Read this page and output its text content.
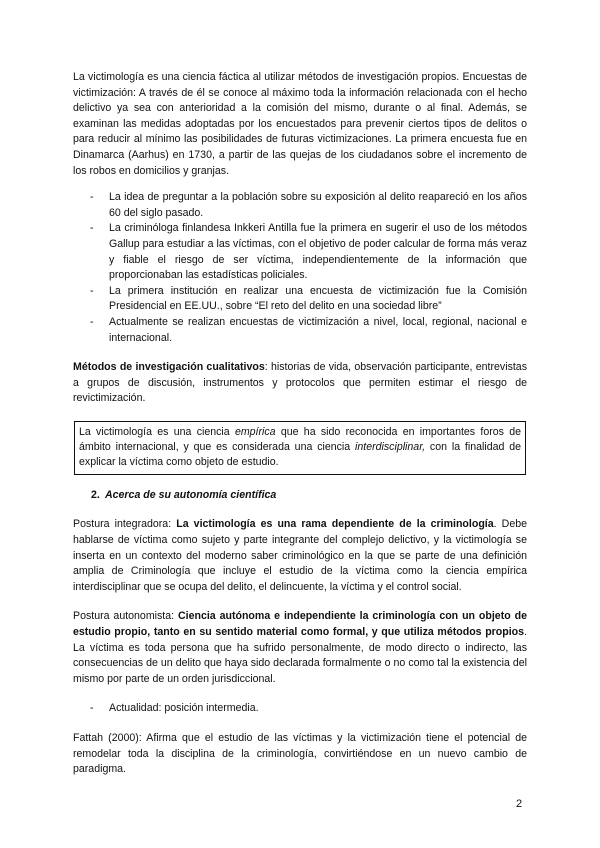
La victimología es una ciencia fáctica al utilizar métodos de investigación propios. Encuestas de victimización: A través de él se conoce al máximo toda la información relacionada con el hecho delictivo ya sea con anterioridad a la comisión del mismo, durante o al final. Además, se examinan las medidas adoptadas por los encuestados para prevenir ciertos tipos de delitos o para reducir al mínimo las posibilidades de futuras victimizaciones. La primera encuesta fue en Dinamarca (Aarhus) en 1730, a partir de las quejas de los ciudadanos sobre el incremento de los robos en domicilios y granjas.

- La idea de preguntar a la población sobre su exposición al delito reapareció en los años 60 del siglo pasado.
- La criminóloga finlandesa Inkkeri Antilla fue la primera en sugerir el uso de los métodos Gallup para estudiar a las víctimas, con el objetivo de poder calcular de forma más veraz y fiable el riesgo de ser víctima, independientemente de la información que proporcionaban las estadísticas policiales.
- La primera institución en realizar una encuesta de victimización fue la Comisión Presidencial en EE.UU., sobre “El reto del delito en una sociedad libre”
- Actualmente se realizan encuestas de victimización a nivel, local, regional, nacional e internacional.

Métodos de investigación cualitativos: historias de vida, observación participante, entrevistas a grupos de discusión, instrumentos y protocolos que permiten estimar el riesgo de revictimización.

La victimología es una ciencia empírica que ha sido reconocida en importantes foros de ámbito internacional, y que es considerada una ciencia interdisciplinar, con la finalidad de explicar la víctima como objeto de estudio.

2. Acerca de su autonomía científica

Postura integradora: La victimología es una rama dependiente de la criminología. Debe hablarse de víctima como sujeto y parte integrante del complejo delictivo, y la victimología se inserta en un contexto del moderno saber criminológico en la que se parte de una definición amplia de Criminología que incluye el estudio de la víctima como la ciencia empírica interdisciplinar que se ocupa del delito, el delincuente, la víctima y el control social.

Postura autonomista: Ciencia autónoma e independiente la criminología con un objeto de estudio propio, tanto en su sentido material como formal, y que utiliza métodos propios. La víctima es toda persona que ha sufrido personalmente, de modo directo o indirecto, las consecuencias de un delito que haya sido declarada formalmente o no como tal la existencia del mismo por parte de un orden jurisdiccional.

- Actualidad: posición intermedia.

Fattah (2000): Afirma que el estudio de las víctimas y la victimización tiene el potencial de remodelar toda la disciplina de la criminología, convirtiéndose en un nuevo cambio de paradigma.

2
